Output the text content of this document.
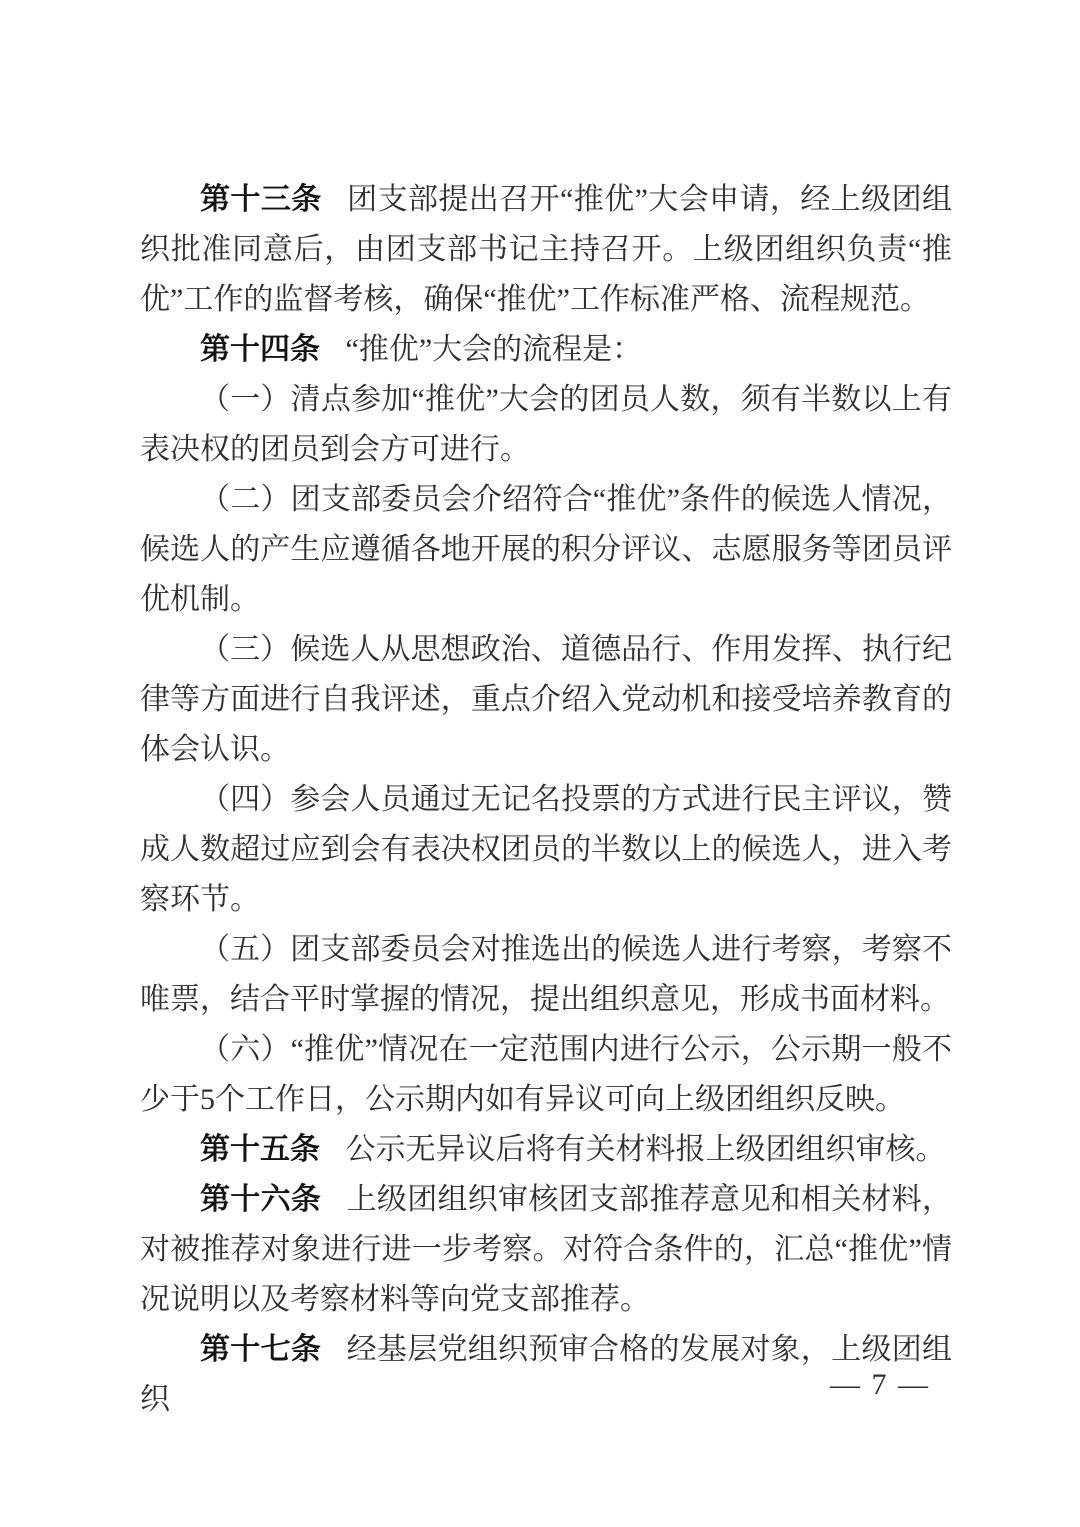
第十三条 团支部提出召开“推优”大会申请，经上级团组织批准同意后，由团支部书记主持召开。上级团组织负责“推优”工作的监督考核，确保“推优”工作标准严格、流程规范。

第十四条 “推优”大会的流程是：

（一）清点参加“推优”大会的团员人数，须有半数以上有表决权的团员到会方可进行。

（二）团支部委员会介绍符合“推优”条件的候选人情况，候选人的产生应遵循各地开展的积分评议、志愿服务等团员评优机制。

（三）候选人从思想政治、道德品行、作用发挥、执行纪律等方面进行自我评述，重点介绍入党动机和接受培养教育的体会认识。

（四）参会人员通过无记名投票的方式进行民主评议，赞成人数超过应到会有表决权团员的半数以上的候选人，进入考察环节。

（五）团支部委员会对推选出的候选人进行考察，考察不唯票，结合平时掌握的情况，提出组织意见，形成书面材料。

（六）“推优”情况在一定范围内进行公示，公示期一般不少于5个工作日，公示期内如有异议可向上级团组织反映。

第十五条 公示无异议后将有关材料报上级团组织审核。

第十六条 上级团组织审核团支部推荐意见和相关材料，对被推荐对象进行进一步考察。对符合条件的，汇总“推优”情况说明以及考察材料等向党支部推荐。

第十七条 经基层党组织预审合格的发展对象，上级团组织	— 7 —
